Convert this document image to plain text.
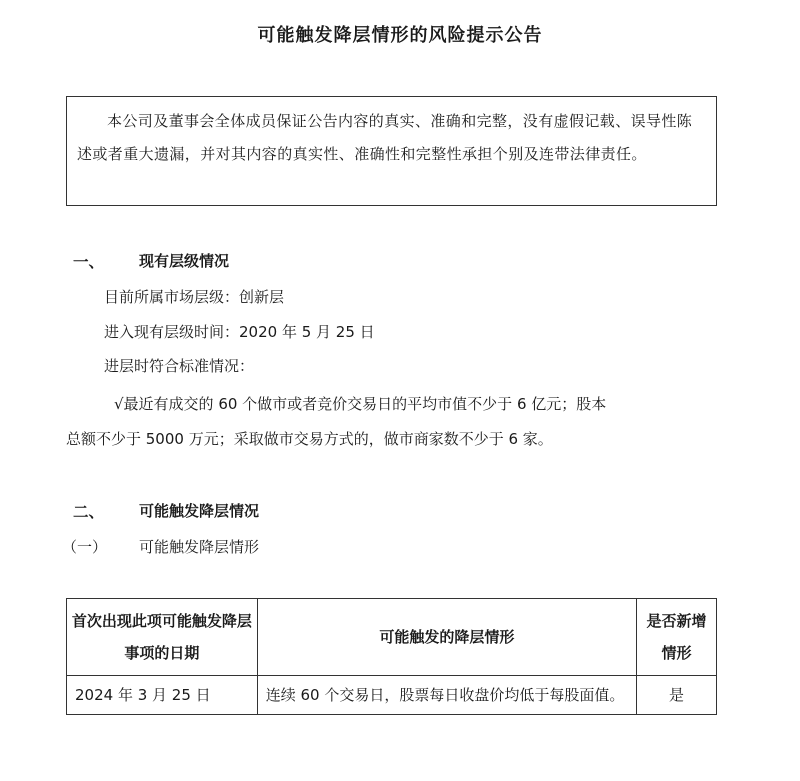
可能触发降层情形的风险提示公告
本公司及董事会全体成员保证公告内容的真实、准确和完整，没有虚假记载、误导性陈述或者重大遗漏，并对其内容的真实性、准确性和完整性承担个别及连带法律责任。
一、 现有层级情况
目前所属市场层级：创新层
进入现有层级时间：2020 年 5 月 25 日
进层时符合标准情况：
√最近有成交的 60 个做市或者竞价交易日的平均市值不少于 6 亿元；股本
总额不少于 5000 万元；采取做市交易方式的，做市商家数不少于 6 家。
二、 可能触发降层情况
（一） 可能触发降层情形
首次出现此项可能触发降层事项的日期	可能触发的降层情形	是否新增情形
2024 年 3 月 25 日	连续 60 个交易日，股票每日收盘价均低于每股面值。	是
